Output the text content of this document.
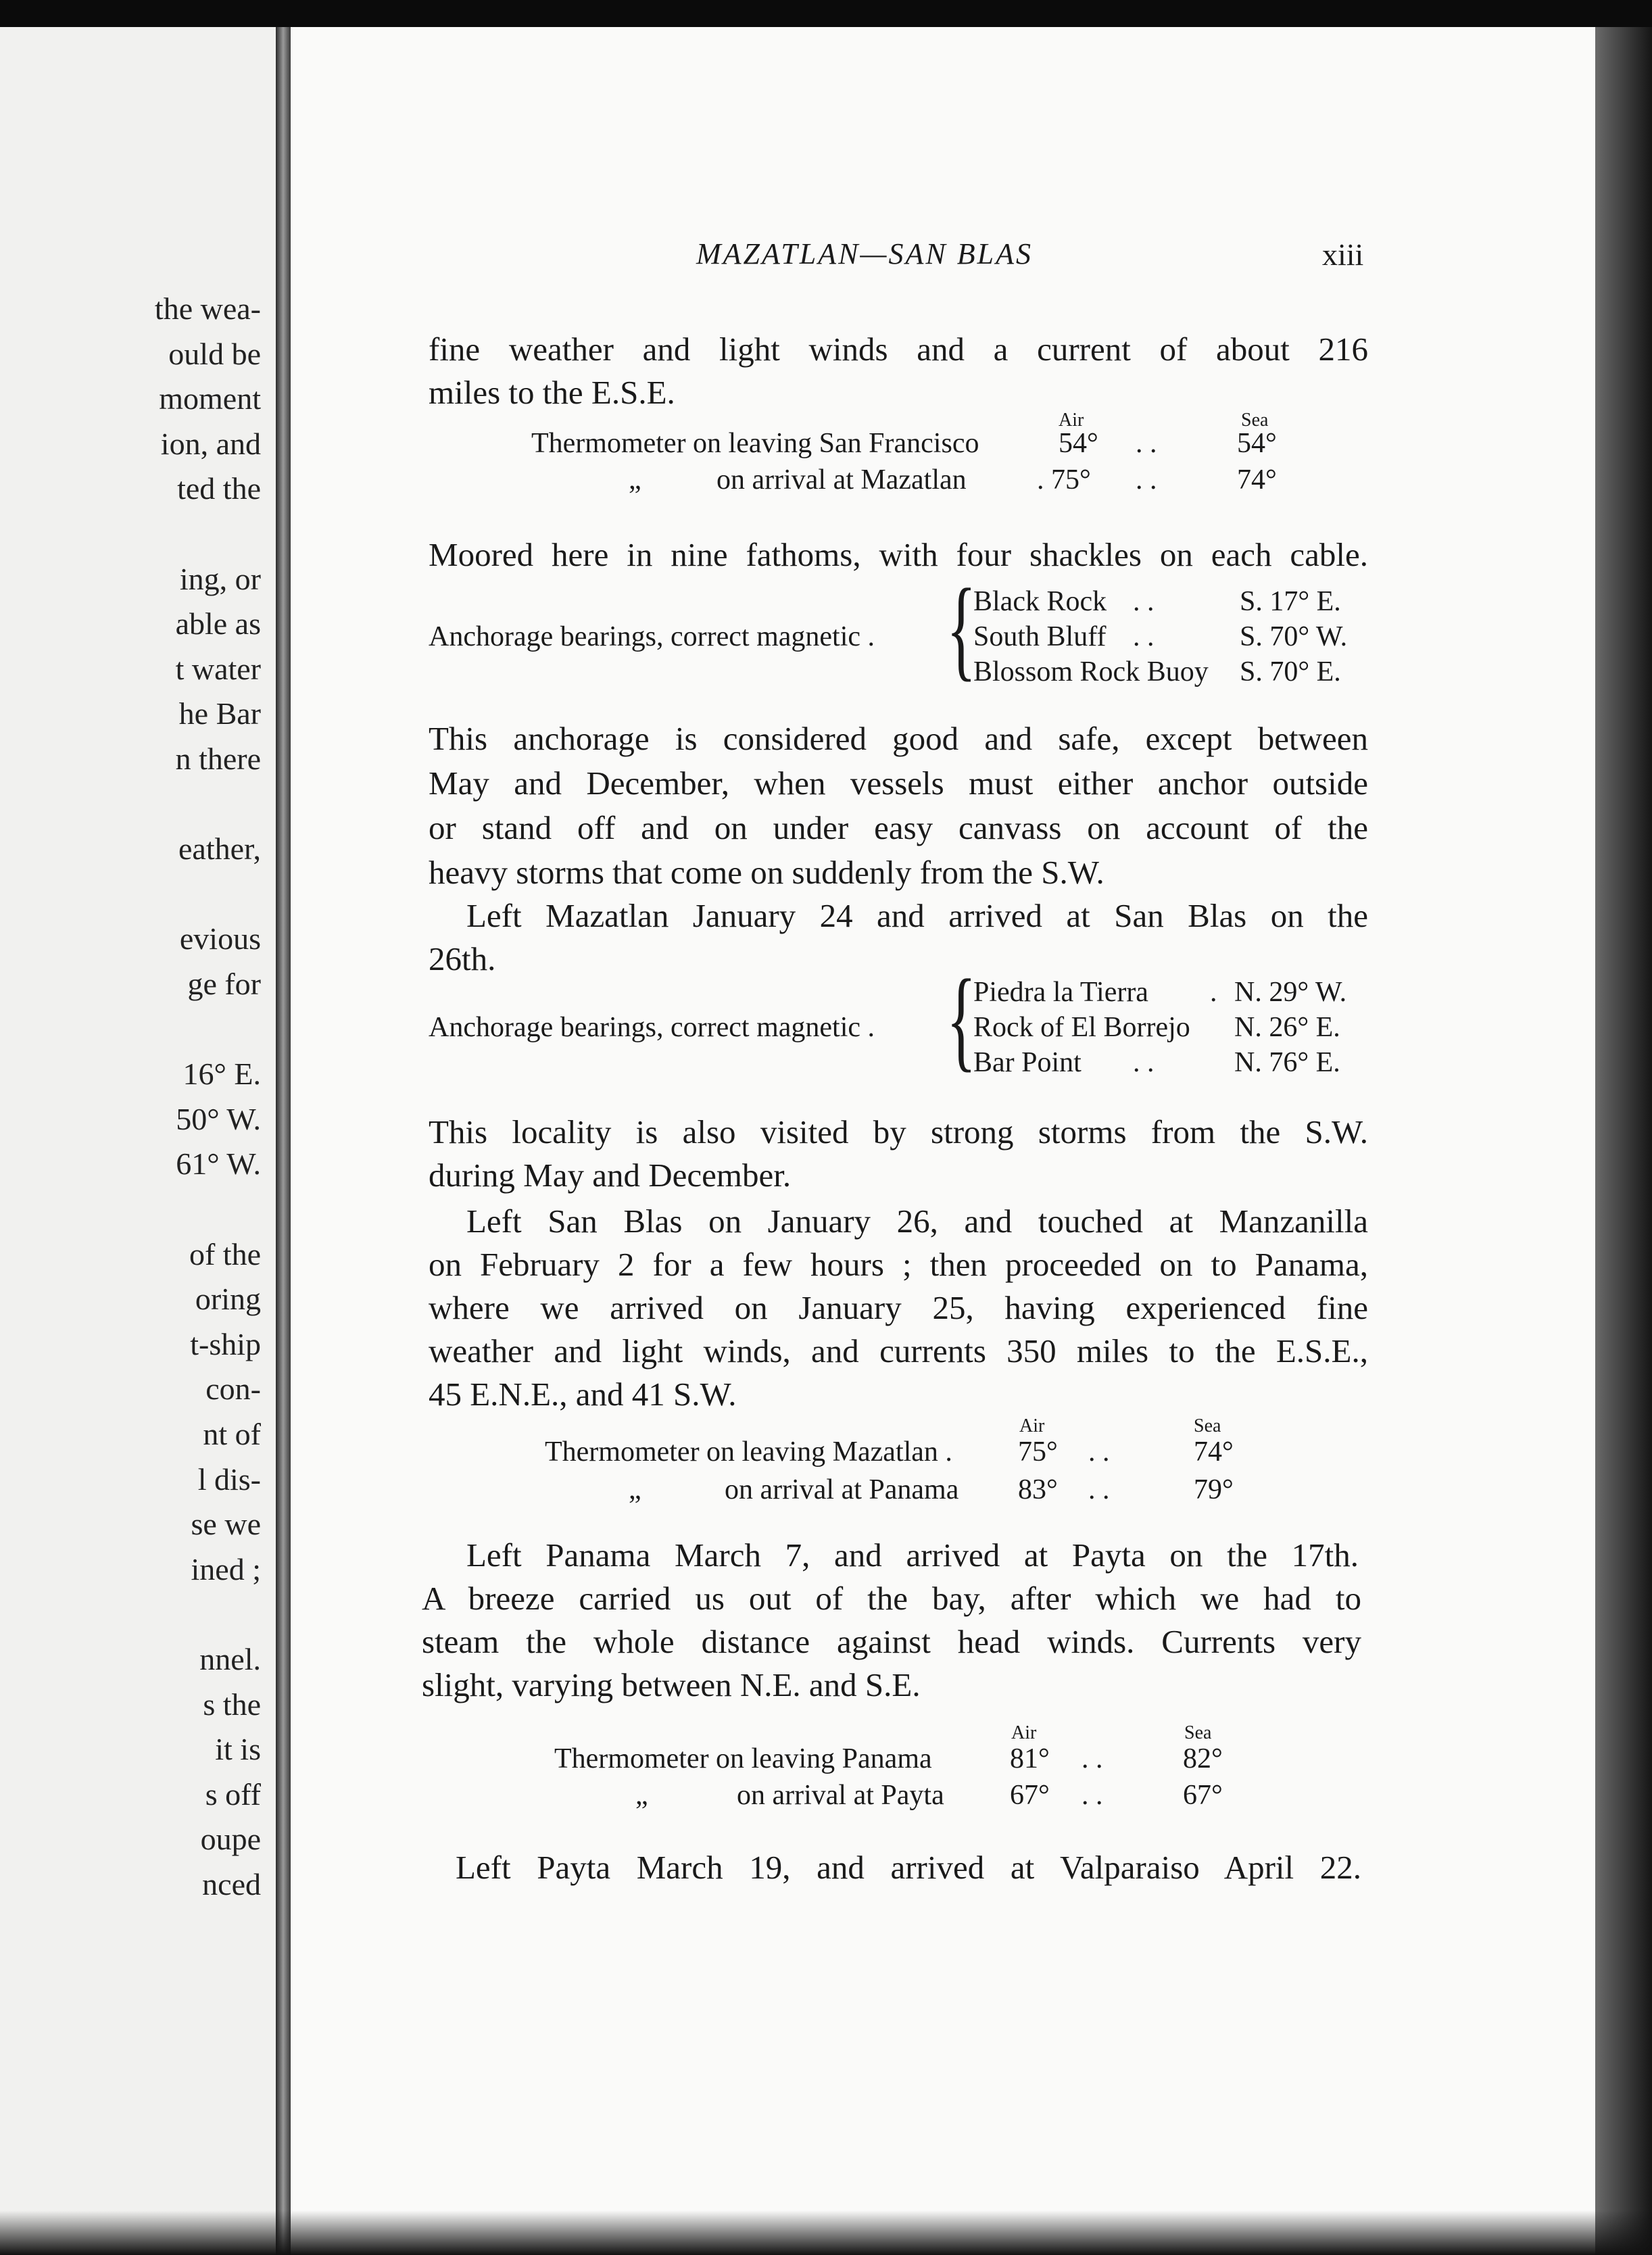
the wea-
ould be
moment
ion, and
ted the
ing, or
able as
t water
he Bar
n there
eather,
evious
ge for
16° E.
50° W.
61° W.
of the
oring
t-ship
con-
nt of
l dis-
se we
ined ;
nnel.
s the
it is
s off
oupe
nced
MAZATLAN—SAN BLAS	xiii
fine weather and light winds and a current of about 216
miles to the E.S.E.
Air	Sea
Thermometer on leaving San Francisco	54° . .	54°
„	on arrival at Mazatlan . 75° . .	74°
Moored here in nine fathoms, with four shackles on each cable.
Anchorage bearings, correct magnetic . {
Black Rock . .	S. 17° E.
South Bluff . .	S. 70° W.
Blossom Rock Buoy S. 70° E.
This anchorage is considered good and safe, except between
May and December, when vessels must either anchor outside
or stand off and on under easy canvass on account of the
heavy storms that come on suddenly from the S.W.
Left Mazatlan January 24 and arrived at San Blas on the
26th.
Anchorage bearings, correct magnetic . {
Piedra la Tierra . N. 29° W.
Rock of El Borrejo N. 26° E.
Bar Point . .	N. 76° E.
This locality is also visited by strong storms from the S.W.
during May and December.
Left San Blas on January 26, and touched at Manzanilla
on February 2 for a few hours ; then proceeded on to Panama,
where we arrived on January 25, having experienced fine
weather and light winds, and currents 350 miles to the E.S.E.,
45 E.N.E., and 41 S.W.
Air	Sea
Thermometer on leaving Mazatlan . 75° . .	74°
„	on arrival at Panama 83° . .	79°
Left Panama March 7, and arrived at Payta on the 17th.
A breeze carried us out of the bay, after which we had to
steam the whole distance against head winds. Currents very
slight, varying between N.E. and S.E.
Air	Sea
Thermometer on leaving Panama	81° . .	82°
„	on arrival at Payta 67° . .	67°
Left Payta March 19, and arrived at Valparaiso April 22.
